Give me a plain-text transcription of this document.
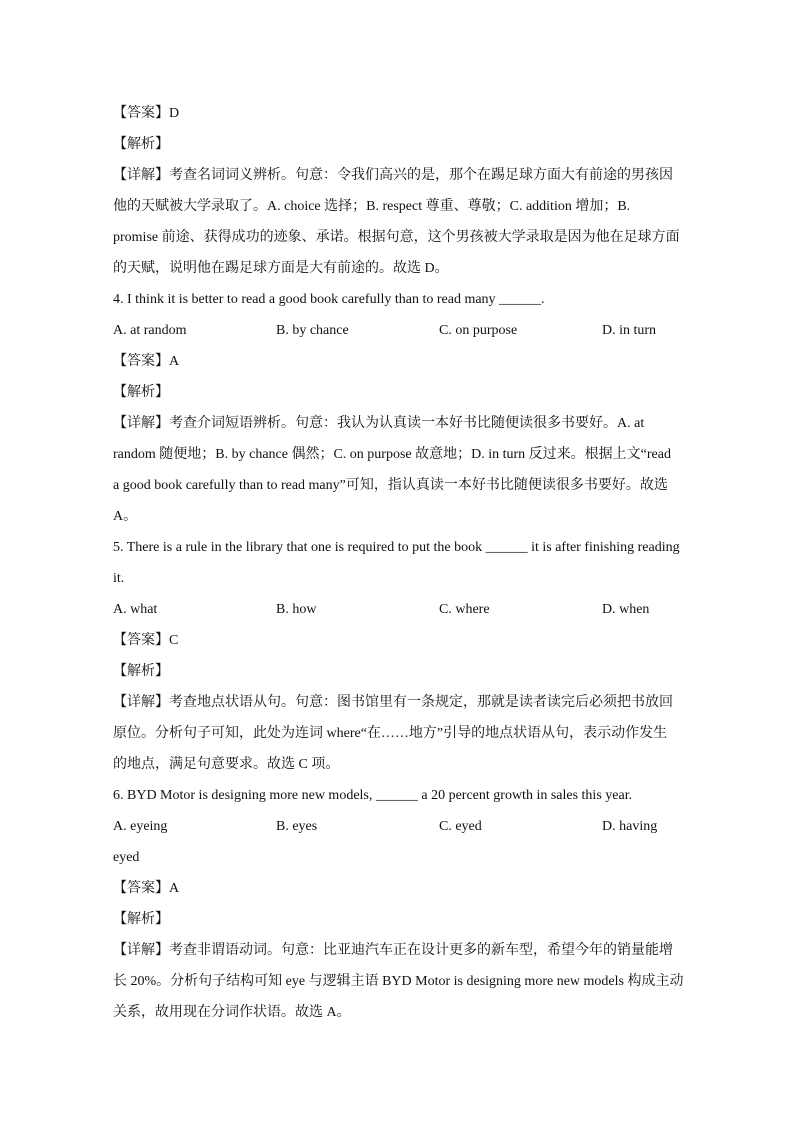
【答案】D
【解析】
【详解】考查名词词义辨析。句意：令我们高兴的是，那个在踢足球方面大有前途的男孩因
他的天赋被大学录取了。A. choice 选择；B. respect 尊重、尊敬；C. addition 增加；B.
promise 前途、获得成功的迹象、承诺。根据句意，这个男孩被大学录取是因为他在足球方面
的天赋，说明他在踢足球方面是大有前途的。故选 D。
4. I think it is better to read a good book carefully than to read many ______.
A. at random	B. by chance	C. on purpose	D. in turn
【答案】A
【解析】
【详解】考查介词短语辨析。句意：我认为认真读一本好书比随便读很多书要好。A. at
random 随便地；B. by chance 偶然；C. on purpose 故意地；D. in turn 反过来。根据上文“read
a good book carefully than to read many”可知，指认真读一本好书比随便读很多书要好。故选
A。
5. There is a rule in the library that one is required to put the book ______ it is after finishing reading
it.
A. what	B. how	C. where	D. when
【答案】C
【解析】
【详解】考查地点状语从句。句意：图书馆里有一条规定，那就是读者读完后必须把书放回
原位。分析句子可知，此处为连词 where“在……地方”引导的地点状语从句，表示动作发生
的地点，满足句意要求。故选 C 项。
6. BYD Motor is designing more new models, ______ a 20 percent growth in sales this year.
A. eyeing	B. eyes	C. eyed	D. having
eyed
【答案】A
【解析】
【详解】考查非谓语动词。句意：比亚迪汽车正在设计更多的新车型，希望今年的销量能增
长 20%。分析句子结构可知 eye 与逻辑主语 BYD Motor is designing more new models 构成主动
关系，故用现在分词作状语。故选 A。
